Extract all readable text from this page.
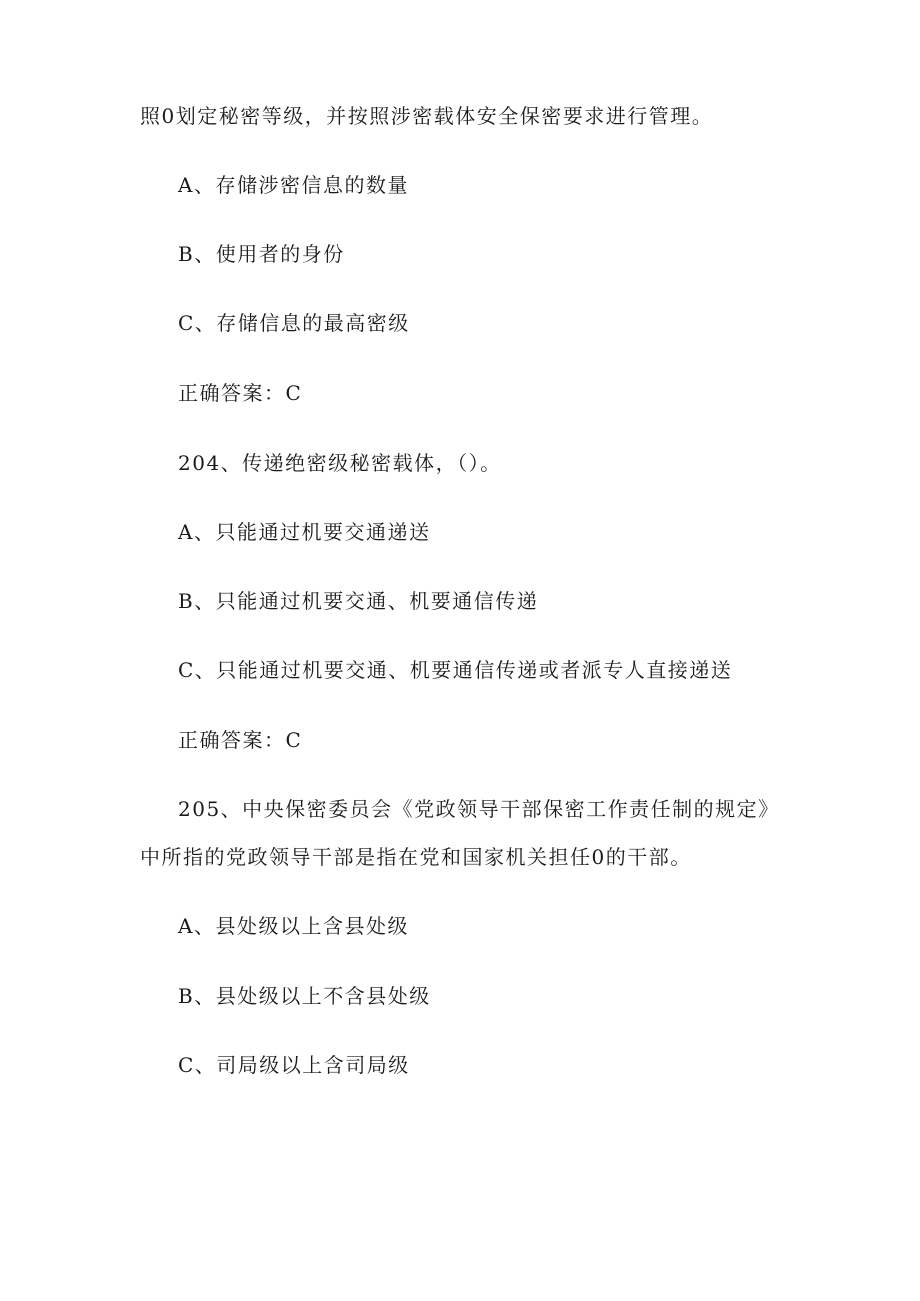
照0划定秘密等级，并按照涉密载体安全保密要求进行管理。
A、存储涉密信息的数量
B、使用者的身份
C、存储信息的最高密级
正确答案：C
204、传递绝密级秘密载体，（）。
A、只能通过机要交通递送
B、只能通过机要交通、机要通信传递
C、只能通过机要交通、机要通信传递或者派专人直接递送
正确答案：C
205、中央保密委员会《党政领导干部保密工作责任制的规定》
中所指的党政领导干部是指在党和国家机关担任0的干部。
A、县处级以上含县处级
B、县处级以上不含县处级
C、司局级以上含司局级
